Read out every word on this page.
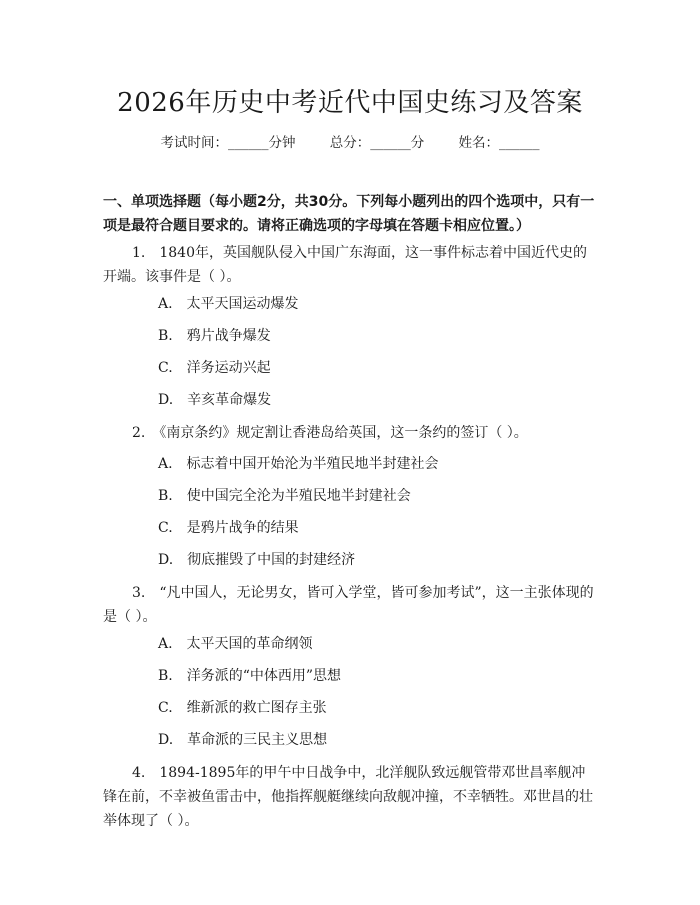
2026年历史中考近代中国史练习及答案
考试时间：______分钟	总分：______分	姓名：______
一、单项选择题（每小题2分，共30分。下列每小题列出的四个选项中，只有一项是最符合题目要求的。请将正确选项的字母填在答题卡相应位置。）
1.　1840年，英国舰队侵入中国广东海面，这一事件标志着中国近代史的开端。该事件是（ ）。
A.　太平天国运动爆发
B.　鸦片战争爆发
C.　洋务运动兴起
D.　辛亥革命爆发
2.　《南京条约》规定割让香港岛给英国，这一条约的签订（ ）。
A.　标志着中国开始沦为半殖民地半封建社会
B.　使中国完全沦为半殖民地半封建社会
C.　是鸦片战争的结果
D.　彻底摧毁了中国的封建经济
3.　“凡中国人，无论男女，皆可入学堂，皆可参加考试”，这一主张体现的是（ ）。
A.　太平天国的革命纲领
B.　洋务派的“中体西用”思想
C.　维新派的救亡图存主张
D.　革命派的三民主义思想
4.　1894-1895年的甲午中日战争中，北洋舰队致远舰管带邓世昌率舰冲锋在前，不幸被鱼雷击中，他指挥舰艇继续向敌舰冲撞，不幸牺牲。邓世昌的壮举体现了（ ）。
